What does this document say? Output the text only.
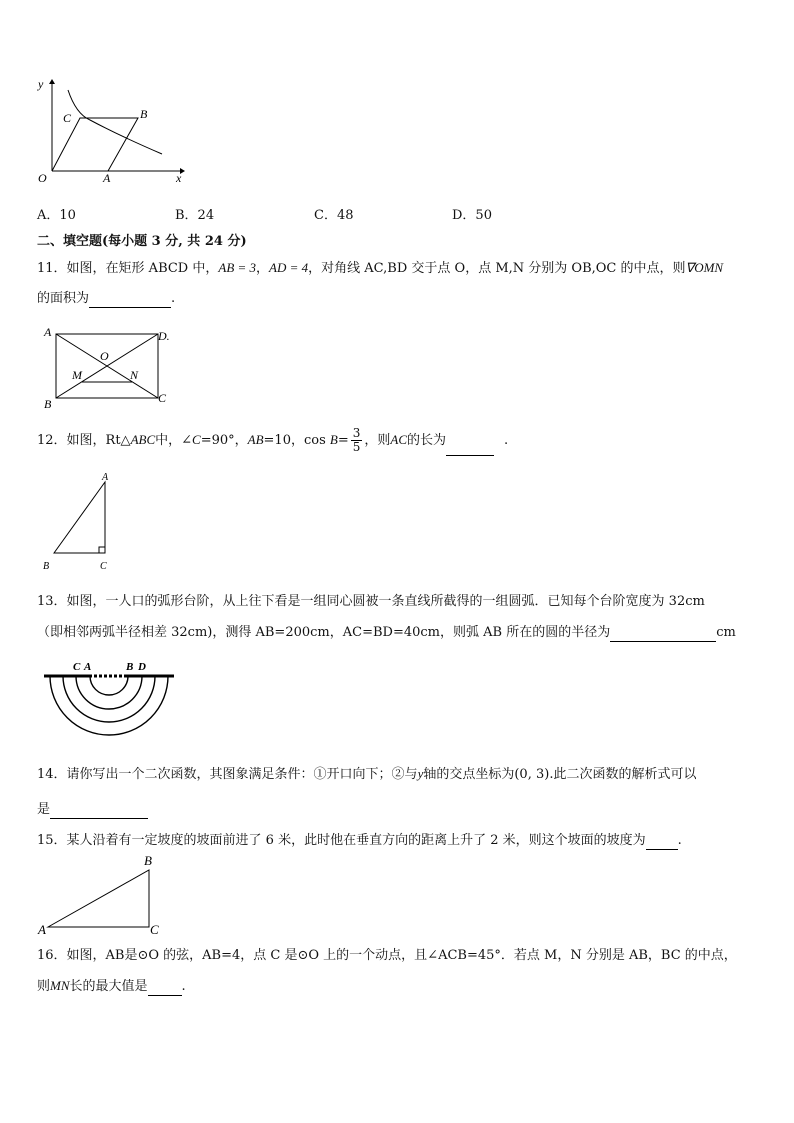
y
x
O	A
B
C
A．10	B．24	C．48	D．50
二、填空题(每小题 3 分, 共 24 分)
11．如图，在矩形 ABCD 中，AB = 3，AD = 4，对角线 AC,BD 交于点 O，点 M,N 分别为 OB,OC 的中点，则∇OMN
的面积为	.
A	D.
O
M	N
B	C
12．如图，Rt△ABC中，∠C=90°，AB=10，$\cos B= \frac{3}{5}$ ，则AC的长为	.
A
B	C
13．如图，一人口的弧形台阶，从上往下看是一组同心圆被一条直线所截得的一组圆弧．已知每个台阶宽度为 32cm
（即相邻两弧半径相差 32cm)，测得 AB=200cm，AC=BD=40cm，则弧 AB 所在的圆的半径为	cm
C A	B D
14．请你写出一个二次函数，其图象满足条件：①开口向下；②与y轴的交点坐标为(0, 3).此二次函数的解析式可以
是
15．某人沿着有一定坡度的坡面前进了 6 米，此时他在垂直方向的距离上升了 2 米，则这个坡面的坡度为 .
A
B
C
16．如图，AB是⊙O 的弦，AB=4，点 C 是⊙O 上的一个动点，且∠ACB=45°．若点 M，N 分别是 AB，BC 的中点，
则MN长的最大值是	.
